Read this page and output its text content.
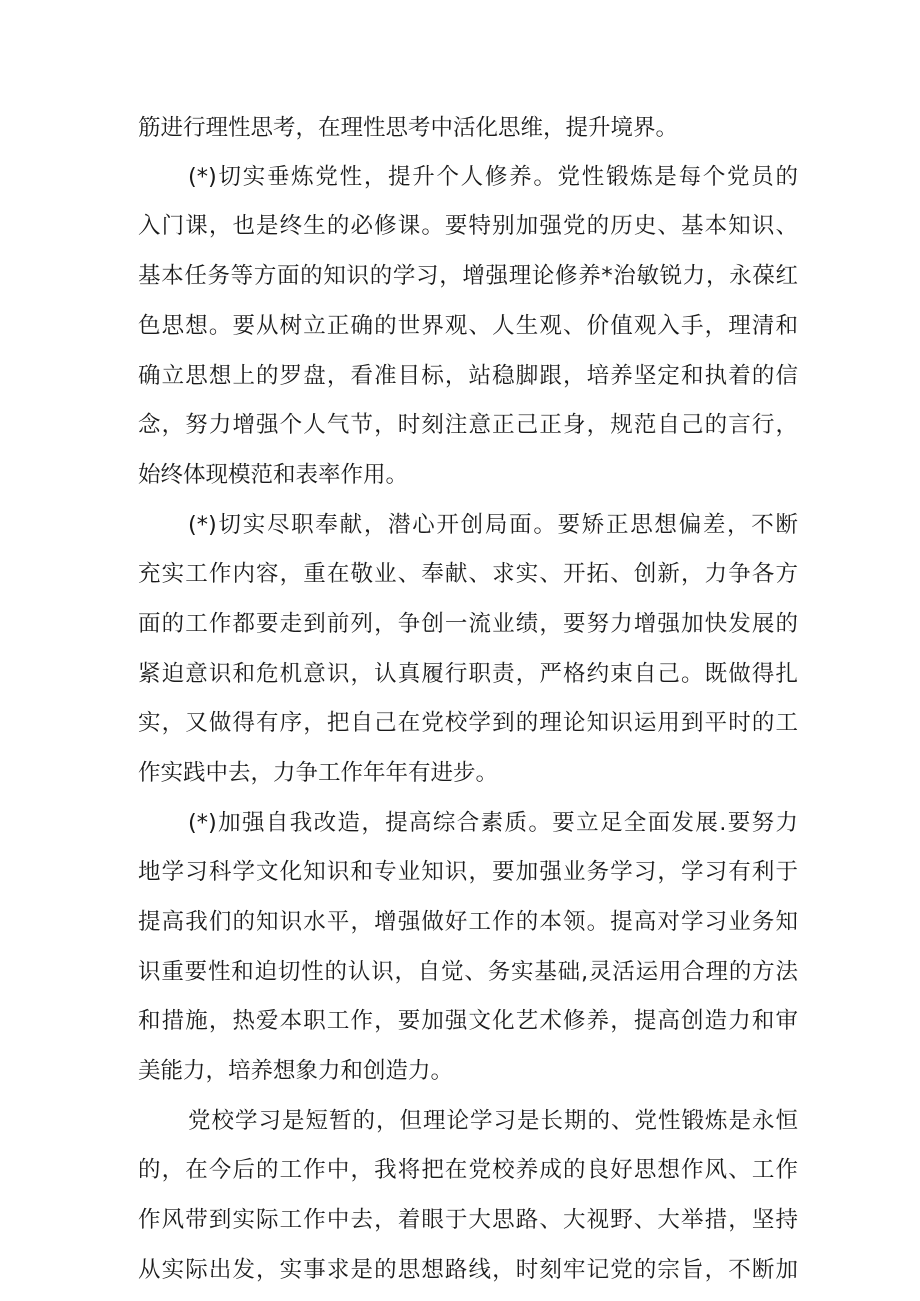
筋进行理性思考，在理性思考中活化思维，提升境界。
(*)切实垂炼党性，提升个人修养。党性锻炼是每个党员的
入门课，也是终生的必修课。要特别加强党的历史、基本知识、
基本任务等方面的知识的学习，增强理论修养*治敏锐力，永葆红
色思想。要从树立正确的世界观、人生观、价值观入手，理清和
确立思想上的罗盘，看准目标，站稳脚跟，培养坚定和执着的信
念，努力增强个人气节，时刻注意正己正身，规范自己的言行，
始终体现模范和表率作用。
(*)切实尽职奉献，潜心开创局面。要矫正思想偏差，不断
充实工作内容，重在敬业、奉献、求实、开拓、创新，力争各方
面的工作都要走到前列，争创一流业绩，要努力增强加快发展的
紧迫意识和危机意识，认真履行职责，严格约束自己。既做得扎
实，又做得有序，把自己在党校学到的理论知识运用到平时的工
作实践中去，力争工作年年有进步。
(*)加强自我改造，提高综合素质。要立足全面发展.要努力
地学习科学文化知识和专业知识，要加强业务学习，学习有利于
提高我们的知识水平，增强做好工作的本领。提高对学习业务知
识重要性和迫切性的认识，自觉、务实基础,灵活运用合理的方法
和措施，热爱本职工作，要加强文化艺术修养，提高创造力和审
美能力，培养想象力和创造力。
党校学习是短暂的，但理论学习是长期的、党性锻炼是永恒
的，在今后的工作中，我将把在党校养成的良好思想作风、工作
作风带到实际工作中去，着眼于大思路、大视野、大举措，坚持
从实际出发，实事求是的思想路线，时刻牢记党的宗旨，不断加
